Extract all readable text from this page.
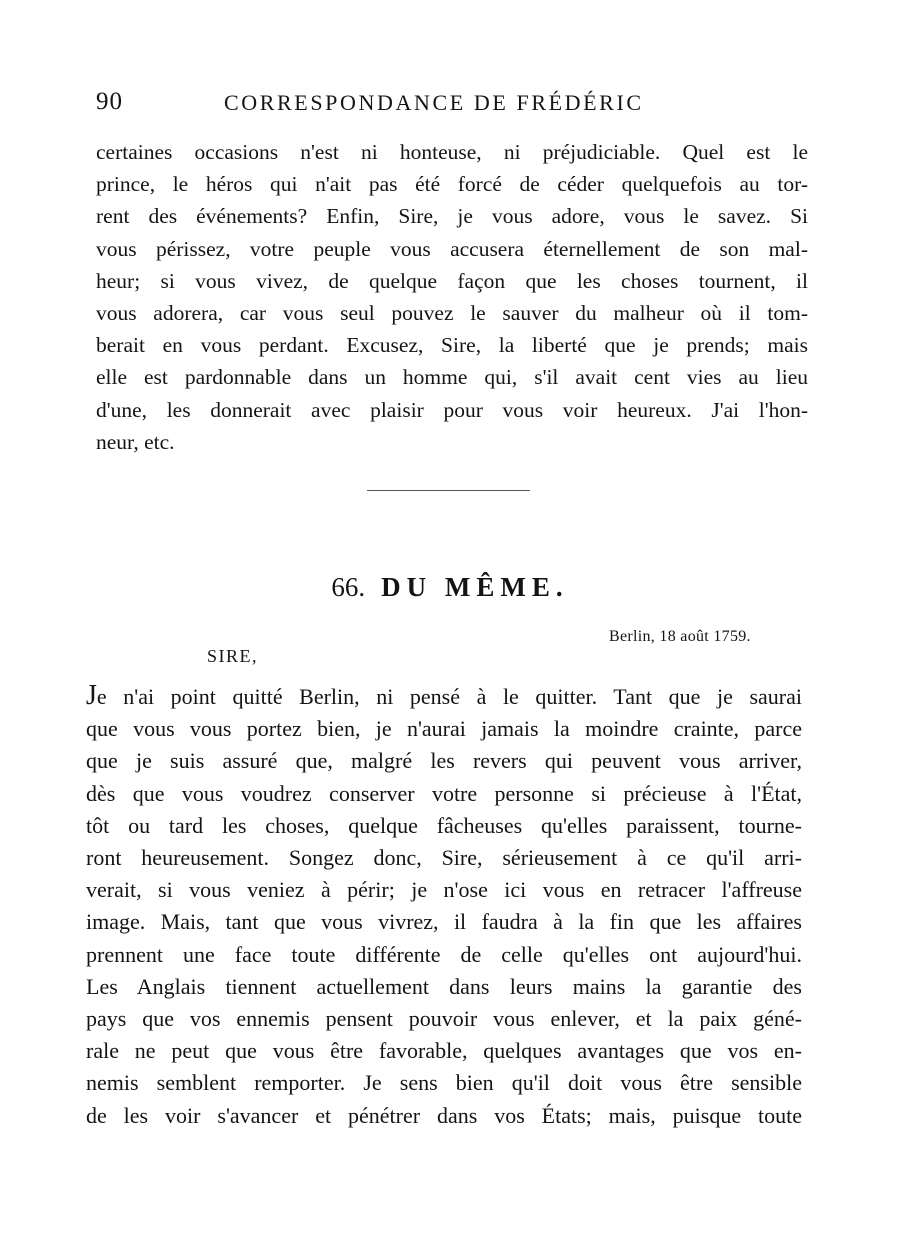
90	CORRESPONDANCE DE FRÉDÉRIC

certaines occasions n'est ni honteuse, ni préjudiciable. Quel est le
prince, le héros qui n'ait pas été forcé de céder quelquefois au tor-
rent des événements? Enfin, Sire, je vous adore, vous le savez. Si
vous périssez, votre peuple vous accusera éternellement de son mal-
heur; si vous vivez, de quelque façon que les choses tournent, il
vous adorera, car vous seul pouvez le sauver du malheur où il tom-
berait en vous perdant. Excusez, Sire, la liberté que je prends; mais
elle est pardonnable dans un homme qui, s'il avait cent vies au lieu
d'une, les donnerait avec plaisir pour vous voir heureux. J'ai l'hon-
neur, etc.

66. DU MÊME.
Berlin, 18 août 1759.
SIRE,

Je n'ai point quitté Berlin, ni pensé à le quitter. Tant que je saurai
que vous vous portez bien, je n'aurai jamais la moindre crainte, parce
que je suis assuré que, malgré les revers qui peuvent vous arriver,
dès que vous voudrez conserver votre personne si précieuse à l'État,
tôt ou tard les choses, quelque fâcheuses qu'elles paraissent, tourne-
ront heureusement. Songez donc, Sire, sérieusement à ce qu'il arri-
verait, si vous veniez à périr; je n'ose ici vous en retracer l'affreuse
image. Mais, tant que vous vivrez, il faudra à la fin que les affaires
prennent une face toute différente de celle qu'elles ont aujourd'hui.
Les Anglais tiennent actuellement dans leurs mains la garantie des
pays que vos ennemis pensent pouvoir vous enlever, et la paix géné-
rale ne peut que vous être favorable, quelques avantages que vos en-
nemis semblent remporter. Je sens bien qu'il doit vous être sensible
de les voir s'avancer et pénétrer dans vos États; mais, puisque toute
